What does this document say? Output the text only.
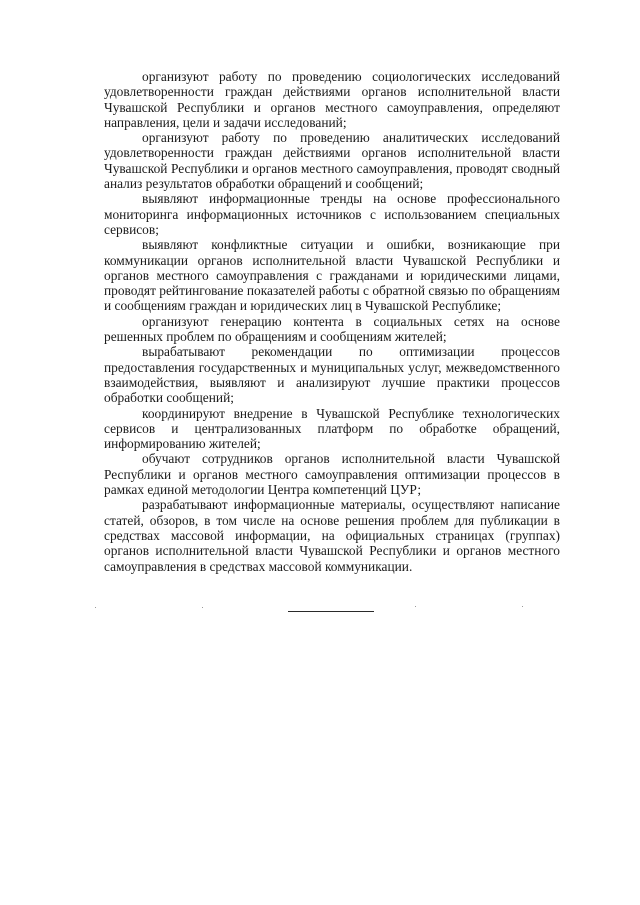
организуют работу по проведению социологических исследований удовлетворенности граждан действиями органов исполнительной власти Чувашской Республики и органов местного самоуправления, определяют направления, цели и задачи исследований;

организуют работу по проведению аналитических исследований удовлетворенности граждан действиями органов исполнительной власти Чувашской Республики и органов местного самоуправления, проводят сводный анализ результатов обработки обращений и сообщений;

выявляют информационные тренды на основе профессионального мониторинга информационных источников с использованием специальных сервисов;

выявляют конфликтные ситуации и ошибки, возникающие при коммуникации органов исполнительной власти Чувашской Республики и органов местного самоуправления с гражданами и юридическими лицами, проводят рейтингование показателей работы с обратной связью по обращениям и сообщениям граждан и юридических лиц в Чувашской Республике;

организуют генерацию контента в социальных сетях на основе решенных проблем по обращениям и сообщениям жителей;

вырабатывают рекомендации по оптимизации процессов предоставления государственных и муниципальных услуг, межведомственного взаимодействия, выявляют и анализируют лучшие практики процессов обработки сообщений;

координируют внедрение в Чувашской Республике технологических сервисов и централизованных платформ по обработке обращений, информированию жителей;

обучают сотрудников органов исполнительной власти Чувашской Республики и органов местного самоуправления оптимизации процессов в рамках единой методологии Центра компетенций ЦУР;

разрабатывают информационные материалы, осуществляют написание статей, обзоров, в том числе на основе решения проблем для публикации в средствах массовой информации, на официальных страницах (группах) органов исполнительной власти Чувашской Республики и органов местного самоуправления в средствах массовой коммуникации.
